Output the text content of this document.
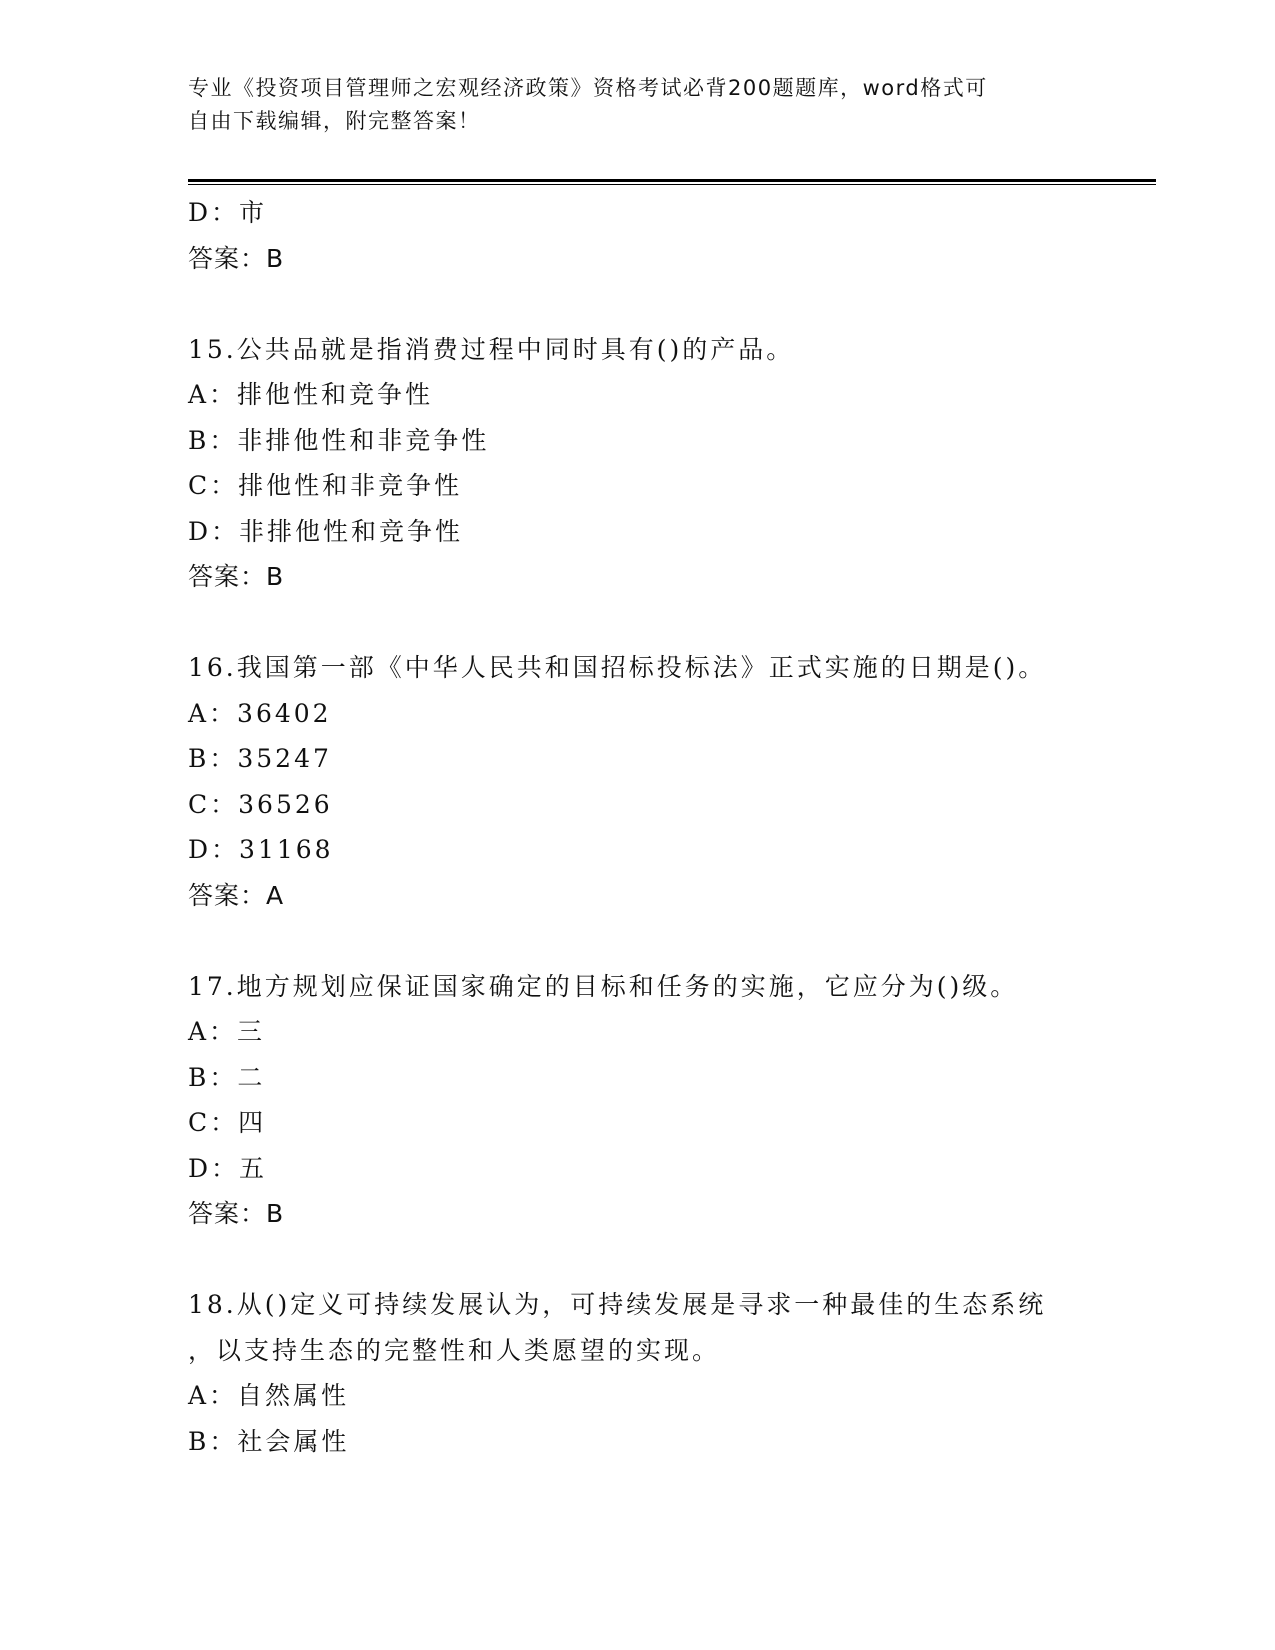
专业《投资项目管理师之宏观经济政策》资格考试必背200题题库，word格式可
自由下载编辑，附完整答案！
D：市
答案：B
15.公共品就是指消费过程中同时具有()的产品。
A：排他性和竞争性
B：非排他性和非竞争性
C：排他性和非竞争性
D：非排他性和竞争性
答案：B
16.我国第一部《中华人民共和国招标投标法》正式实施的日期是()。
A：36402
B：35247
C：36526
D：31168
答案：A
17.地方规划应保证国家确定的目标和任务的实施，它应分为()级。
A：三
B：二
C：四
D：五
答案：B
18.从()定义可持续发展认为，可持续发展是寻求一种最佳的生态系统
，以支持生态的完整性和人类愿望的实现。
A：自然属性
B：社会属性
